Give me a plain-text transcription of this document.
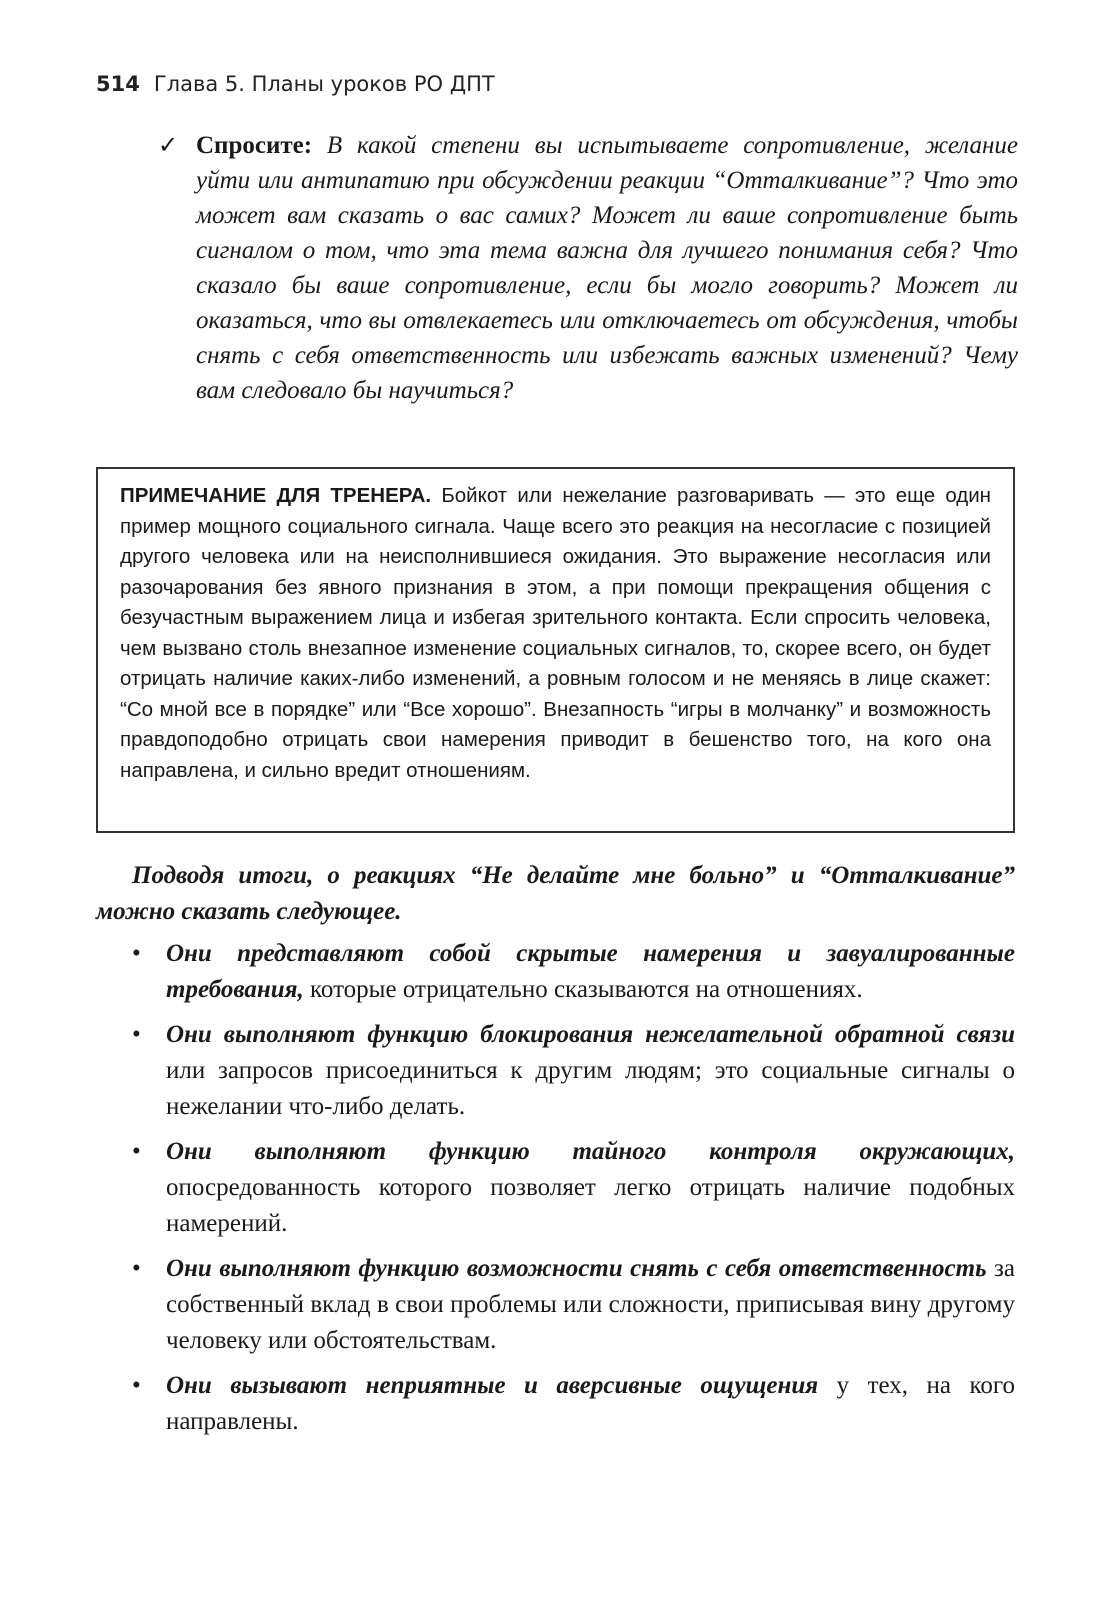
514 Глава 5. Планы уроков РО ДПТ
✓ Спросите: В какой степени вы испытываете сопротивление, желание уйти или антипатию при обсуждении реакции “Отталкивание”? Что это может вам сказать о вас самих? Может ли ваше сопротивление быть сигналом о том, что эта тема важна для лучшего понимания себя? Что сказало бы ваше сопротивление, если бы могло говорить? Может ли оказаться, что вы отвлекаетесь или отключаетесь от обсуждения, чтобы снять с себя ответственность или избежать важных изменений? Чему вам следовало бы научиться?
ПРИМЕЧАНИЕ ДЛЯ ТРЕНЕРА. Бойкот или нежелание разговаривать — это еще один пример мощного социального сигнала. Чаще всего это реакция на несогласие с позицией другого человека или на неисполнившиеся ожидания. Это выражение несогласия или разочарования без явного признания в этом, а при помощи прекращения общения с безучастным выражением лица и избегая зрительного контакта. Если спросить человека, чем вызвано столь внезапное изменение социальных сигналов, то, скорее всего, он будет отрицать наличие каких-либо изменений, а ровным голосом и не меняясь в лице скажет: “Со мной все в порядке” или “Все хорошо”. Внезапность “игры в молчанку” и возможность правдоподобно отрицать свои намерения приводит в бешенство того, на кого она направлена, и сильно вредит отношениям.

Подводя итоги, о реакциях “Не делайте мне больно” и “Отталкивание” можно сказать следующее.

• Они представляют собой скрытые намерения и завуалированные требования, которые отрицательно сказываются на отношениях.
• Они выполняют функцию блокирования нежелательной обратной связи или запросов присоединиться к другим людям; это социальные сигналы о нежелании что-либо делать.
• Они выполняют функцию тайного контроля окружающих, опосредованность которого позволяет легко отрицать наличие подобных намерений.
• Они выполняют функцию возможности снять с себя ответственность за собственный вклад в свои проблемы или сложности, приписывая вину другому человеку или обстоятельствам.
• Они вызывают неприятные и аверсивные ощущения у тех, на кого направлены.
